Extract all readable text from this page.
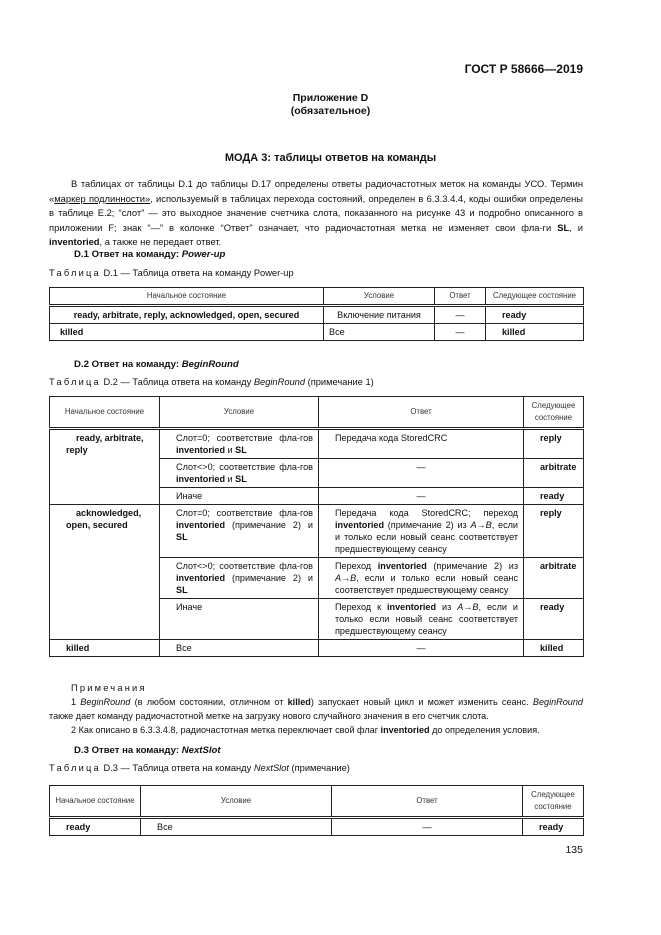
ГОСТ Р 58666—2019
Приложение D
(обязательное)
МОДА 3: таблицы ответов на команды
В таблицах от таблицы D.1 до таблицы D.17 определены ответы радиочастотных меток на команды УСО. Термин «маркер подлинности», используемый в таблицах перехода состояний, определен в 6.3.3.4.4, коды ошибки определены в таблице Е.2; “слот” — это выходное значение счетчика слота, показанного на рисунке 43 и подробно описанного в приложении F; знак “—” в колонке “Ответ” означает, что радиочастотная метка не изменяет свои фла-ги SL, и inventoried, а также не передает ответ.
D.1 Ответ на команду: Power-up
Таблица D.1 — Таблица ответа на команду Power-up
Начальное состояние	Условие	Ответ	Следующее состояние
ready, arbitrate, reply, acknowledged, open, secured	Включение питания	—	ready
killed	Все	—	killed
D.2 Ответ на команду: BeginRound
Таблица D.2 — Таблица ответа на команду BeginRound (примечание 1)
Начальное состояние	Условие	Ответ	Следующее состояние
ready, arbitrate, reply	Слот=0; соответствие фла-гов inventoried и SL	Передача кода StoredCRC	reply
	Слот<>0; соответствие фла-гов inventoried и SL	—	arbitrate
	Иначе	—	ready
acknowledged, open, secured	Слот=0; соответствие фла-гов inventoried (примечание 2) и SL	Передача кода StoredCRC; переход inventoried (примечание 2) из A→B, если и только если новый сеанс соответствует предшествующему сеансу	reply
	Слот<>0; соответствие фла-гов inventoried (примечание 2) и SL	Переход inventoried (примечание 2) из A→B, если и только если новый сеанс соответствует предшествующему сеансу	arbitrate
	Иначе	Переход к inventoried из A→B, если и только если новый сеанс соответствует предшествующему сеансу	ready
killed	Все	—	killed
Примечания
1 BeginRound (в любом состоянии, отличном от killed) запускает новый цикл и может изменить сеанс. BeginRound также дает команду радиочастотной метке на загрузку нового случайного значения в его счетчик слота.
2 Как описано в 6.3.3.4.8, радиочастотная метка переключает свой флаг inventoried до определения условия.
D.3 Ответ на команду: NextSlot
Таблица D.3 — Таблица ответа на команду NextSlot (примечание)
Начальное состояние	Условие	Ответ	Следующее состояние
ready	Все	—	ready
135
